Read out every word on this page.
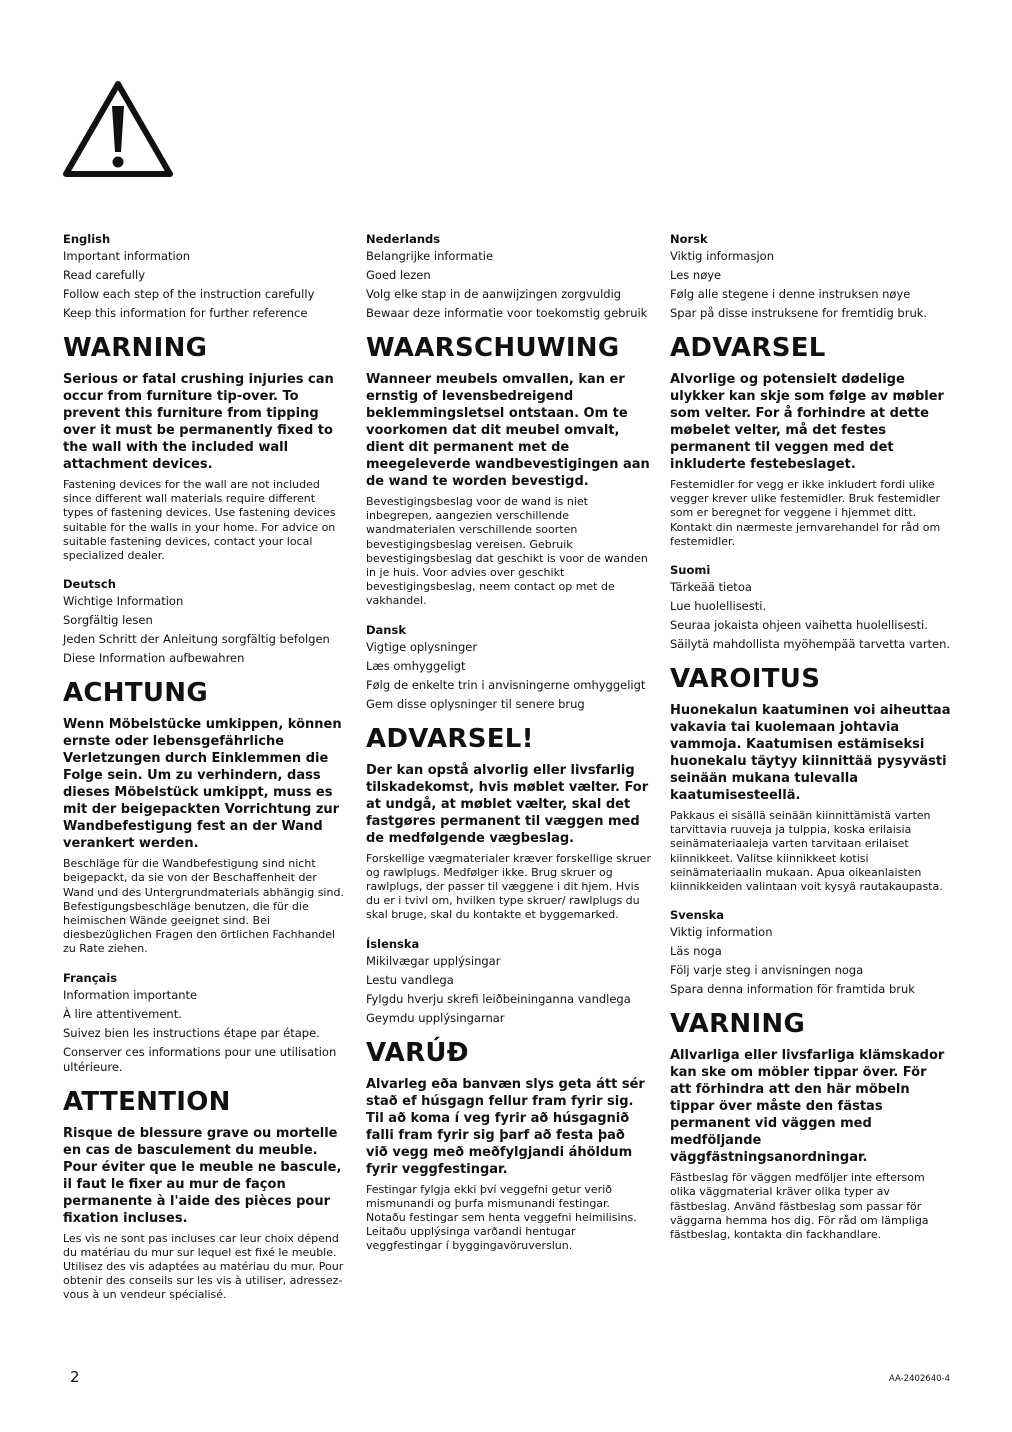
English
Important information
Read carefully
Follow each step of the instruction carefully
Keep this information for further reference
WARNING
Serious or fatal crushing injuries can occur from furniture tip-over. To prevent this furniture from tipping over it must be permanently fixed to the wall with the included wall attachment devices.
Fastening devices for the wall are not included since different wall materials require different types of fastening devices. Use fastening devices suitable for the walls in your home. For advice on suitable fastening devices, contact your local specialized dealer.
Deutsch
Wichtige Information
Sorgfältig lesen
Jeden Schritt der Anleitung sorgfältig befolgen
Diese Information aufbewahren
ACHTUNG
Wenn Möbelstücke umkippen, können ernste oder lebensgefährliche Verletzungen durch Einklemmen die Folge sein. Um zu verhindern, dass dieses Möbelstück umkippt, muss es mit der beigepackten Vorrichtung zur Wandbefestigung fest an der Wand verankert werden.
Beschläge für die Wandbefestigung sind nicht beigepackt, da sie von der Beschaffenheit der Wand und des Untergrundmaterials abhängig sind. Befestigungsbeschläge benutzen, die für die heimischen Wände geeignet sind. Bei diesbezüglichen Fragen den örtlichen Fachhandel zu Rate ziehen.
Français
Information importante
À lire attentivement.
Suivez bien les instructions étape par étape.
Conserver ces informations pour une utilisation ultérieure.
ATTENTION
Risque de blessure grave ou mortelle en cas de basculement du meuble. Pour éviter que le meuble ne bascule, il faut le fixer au mur de façon permanente à l'aide des pièces pour fixation incluses.
Les vis ne sont pas incluses car leur choix dépend du matériau du mur sur lequel est fixé le meuble. Utilisez des vis adaptées au matériau du mur. Pour obtenir des conseils sur les vis à utiliser, adressez-vous à un vendeur spécialisé.
Nederlands
Belangrijke informatie
Goed lezen
Volg elke stap in de aanwijzingen zorgvuldig
Bewaar deze informatie voor toekomstig gebruik
WAARSCHUWING
Wanneer meubels omvallen, kan er ernstig of levensbedreigend beklemmingsletsel ontstaan. Om te voorkomen dat dit meubel omvalt, dient dit permanent met de meegeleverde wandbevestigingen aan de wand te worden bevestigd.
Bevestigingsbeslag voor de wand is niet inbegrepen, aangezien verschillende wandmaterialen verschillende soorten bevestigingsbeslag vereisen. Gebruik bevestigingsbeslag dat geschikt is voor de wanden in je huis. Voor advies over geschikt bevestigingsbeslag, neem contact op met de vakhandel.
Dansk
Vigtige oplysninger
Læs omhyggeligt
Følg de enkelte trin i anvisningerne omhyggeligt
Gem disse oplysninger til senere brug
ADVARSEL!
Der kan opstå alvorlig eller livsfarlig tilskadekomst, hvis møblet vælter. For at undgå, at møblet vælter, skal det fastgøres permanent til væggen med de medfølgende vægbeslag.
Forskellige vægmaterialer kræver forskellige skruer og rawlplugs. Medfølger ikke. Brug skruer og rawlplugs, der passer til væggene i dit hjem. Hvis du er i tvivl om, hvilken type skruer/ rawlplugs du skal bruge, skal du kontakte et byggemarked.
Íslenska
Mikilvægar upplýsingar
Lestu vandlega
Fylgdu hverju skrefi leiðbeininganna vandlega
Geymdu upplýsingarnar
VARÚÐ
Alvarleg eða banvæn slys geta átt sér stað ef húsgagn fellur fram fyrir sig. Til að koma í veg fyrir að húsgagnið falli fram fyrir sig þarf að festa það við vegg með meðfylgjandi áhöldum fyrir veggfestingar.
Festingar fylgja ekki því veggefni getur verið mismunandi og þurfa mismunandi festingar. Notaðu festingar sem henta veggefni heimilisins. Leitaðu upplýsinga varðandi hentugar veggfestingar í byggingavöruverslun.
Norsk
Viktig informasjon
Les nøye
Følg alle stegene i denne instruksen nøye
Spar på disse instruksene for fremtidig bruk.
ADVARSEL
Alvorlige og potensielt dødelige ulykker kan skje som følge av møbler som velter. For å forhindre at dette møbelet velter, må det festes permanent til veggen med det inkluderte festebeslaget.
Festemidler for vegg er ikke inkludert fordi ulike vegger krever ulike festemidler. Bruk festemidler som er beregnet for veggene i hjemmet ditt. Kontakt din nærmeste jernvarehandel for råd om festemidler.
Suomi
Tärkeää tietoa
Lue huolellisesti.
Seuraa jokaista ohjeen vaihetta huolellisesti.
Säilytä mahdollista myöhempää tarvetta varten.
VAROITUS
Huonekalun kaatuminen voi aiheuttaa vakavia tai kuolemaan johtavia vammoja. Kaatumisen estämiseksi huonekalu täytyy kiinnittää pysyvästi seinään mukana tulevalla kaatumisesteellä.
Pakkaus ei sisällä seinään kiinnittämistä varten tarvittavia ruuveja ja tulppia, koska erilaisia seinämateriaaleja varten tarvitaan erilaiset kiinnikkeet. Valitse kiinnikkeet kotisi seinämateriaalin mukaan. Apua oikeanlaisten kiinnikkeiden valintaan voit kysyä rautakaupasta.
Svenska
Viktig information
Läs noga
Följ varje steg i anvisningen noga
Spara denna information för framtida bruk
VARNING
Allvarliga eller livsfarliga klämskador kan ske om möbler tippar över. För att förhindra att den här möbeln tippar över måste den fästas permanent vid väggen med medföljande väggfästningsanordningar.
Fästbeslag för väggen medföljer inte eftersom olika väggmaterial kräver olika typer av fästbeslag. Använd fästbeslag som passar för väggarna hemma hos dig. För råd om lämpliga fästbeslag, kontakta din fackhandlare.
2	AA-2402640-4
